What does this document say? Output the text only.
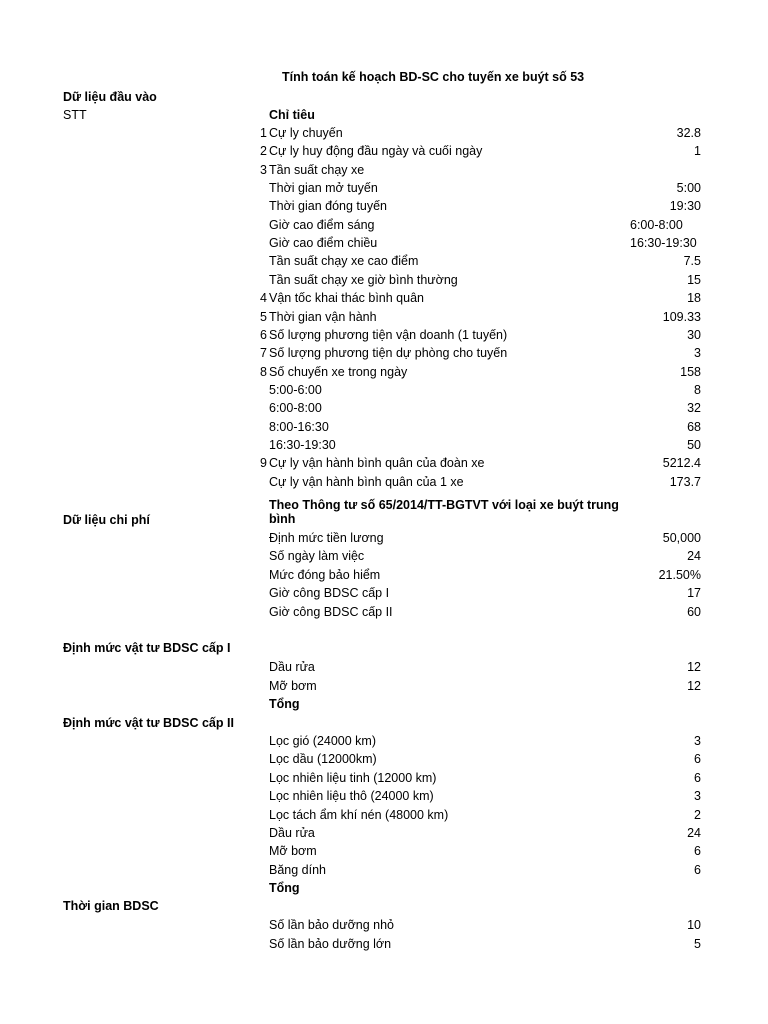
Tính toán kế hoạch BD-SC cho tuyến xe buýt số 53
Dữ liệu đầu vào
STT	Chỉ tiêu
1 Cự ly chuyến	32.8
2 Cự ly huy động đầu ngày và cuối ngày	1
3 Tần suất chạy xe
Thời gian mở tuyến	5:00
Thời gian đóng tuyến	19:30
Giờ cao điểm sáng	6:00-8:00
Giờ cao điểm chiều	16:30-19:30
Tần suất chạy xe cao điểm	7.5
Tần suất chạy xe giờ bình thường	15
4 Vận tốc khai thác bình quân	18
5 Thời gian vận hành	109.33
6 Số lượng phương tiện vận doanh (1 tuyến)	30
7 Số lượng phương tiện dự phòng cho tuyến	3
8 Số chuyến xe trong ngày	158
5:00-6:00	8
6:00-8:00	32
8:00-16:30	68
16:30-19:30	50
9 Cự ly vận hành bình quân của đoàn xe	5212.4
Cự ly vận hành bình quân của 1 xe	173.7
Theo Thông tư số 65/2014/TT-BGTVT với loại xe buýt trung
bình
Dữ liệu chi phí
Định mức tiền lương	50,000
Số ngày làm việc	24
Mức đóng bảo hiểm	21.50%
Giờ công BDSC cấp I	17
Giờ công BDSC cấp II	60
Định mức vật tư BDSC cấp I
Dầu rửa	12
Mỡ bơm	12
Tổng
Định mức vật tư BDSC cấp II
Lọc gió (24000 km)	3
Lọc dầu (12000km)	6
Lọc nhiên liệu tinh (12000 km)	6
Lọc nhiên liệu thô (24000 km)	3
Lọc tách ẩm khí nén (48000 km)	2
Dầu rửa	24
Mỡ bơm	6
Băng dính	6
Tổng
Thời gian BDSC
Số lần bảo dưỡng nhỏ	10
Số lần bảo dưỡng lớn	5
